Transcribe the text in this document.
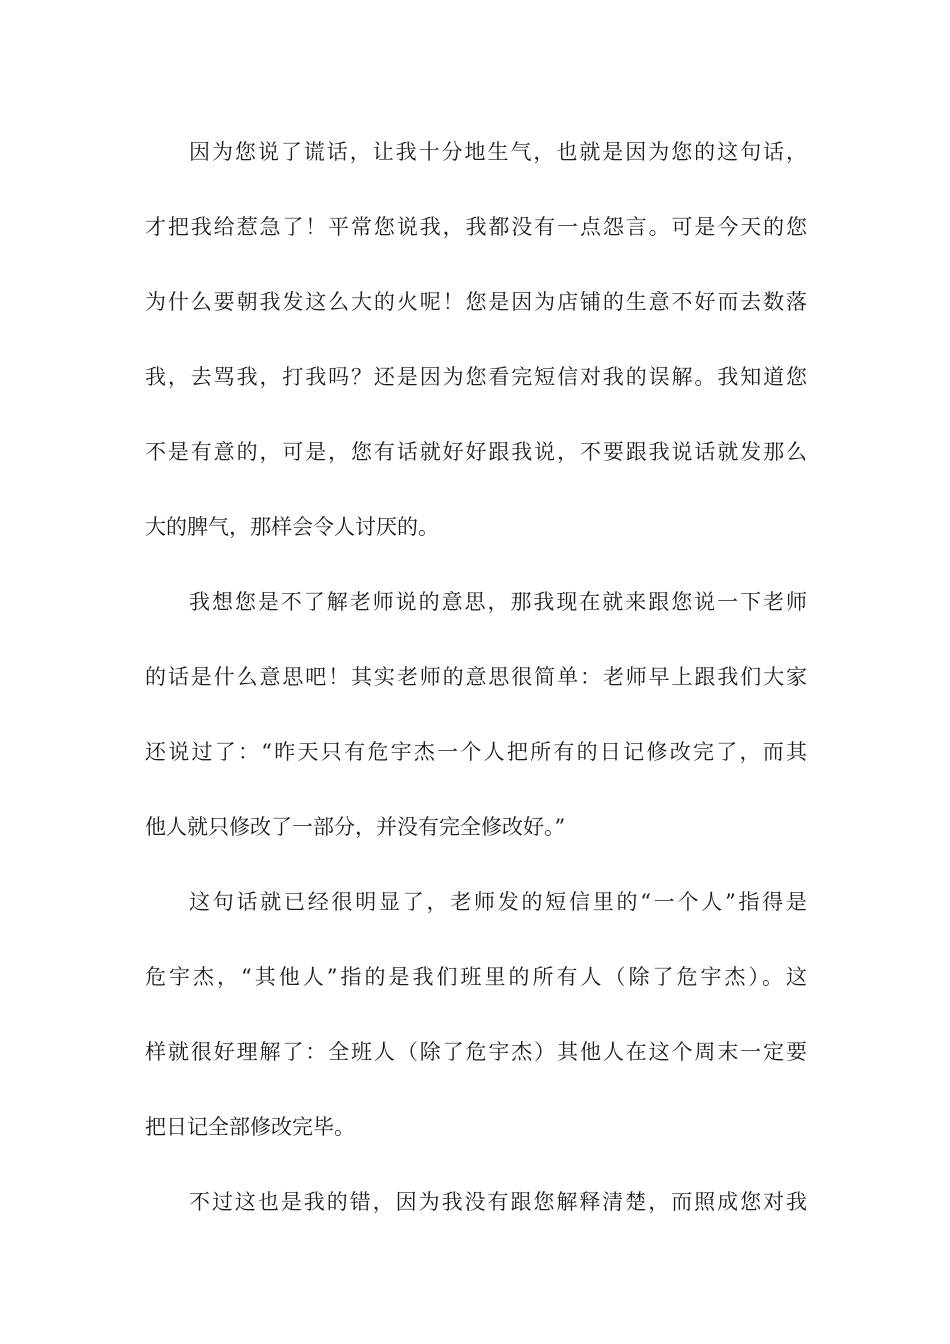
因为您说了谎话，让我十分地生气，也就是因为您的这句话，
才把我给惹急了！平常您说我，我都没有一点怨言。可是今天的您
为什么要朝我发这么大的火呢！您是因为店铺的生意不好而去数落
我，去骂我，打我吗？还是因为您看完短信对我的误解。我知道您
不是有意的，可是，您有话就好好跟我说，不要跟我说话就发那么
大的脾气，那样会令人讨厌的。
我想您是不了解老师说的意思，那我现在就来跟您说一下老师
的话是什么意思吧！其实老师的意思很简单：老师早上跟我们大家
还说过了：“昨天只有危宇杰一个人把所有的日记修改完了，而其
他人就只修改了一部分，并没有完全修改好。”
这句话就已经很明显了，老师发的短信里的“一个人”指得是
危宇杰，“其他人”指的是我们班里的所有人（除了危宇杰）。这
样就很好理解了：全班人（除了危宇杰）其他人在这个周末一定要
把日记全部修改完毕。
不过这也是我的错，因为我没有跟您解释清楚，而照成您对我
